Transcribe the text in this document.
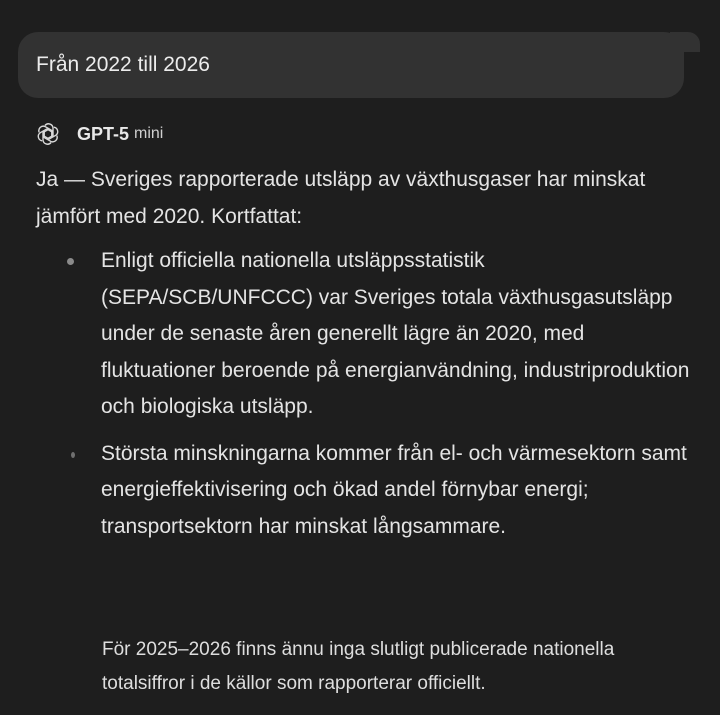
Från 2022 till 2026
GPT-5 mini

Ja — Sveriges rapporterade utsläpp av växthusgaser har minskat jämfört med 2020. Kortfattat:

Enligt officiella nationella utsläppsstatistik (SEPA/SCB/UNFCCC) var Sveriges totala växthusgasutsläpp under de senaste åren generellt lägre än 2020, med fluktuationer beroende på energianvändning, industriproduktion och biologiska utsläpp.
Största minskningarna kommer från el- och värmesektorn samt energieffektivisering och ökad andel förnybar energi; transportsektorn har minskat långsammare.
För 2025–2026 finns ännu inga slutligt publicerade nationella totalsiffror i de källor som rapporterar officiellt.
